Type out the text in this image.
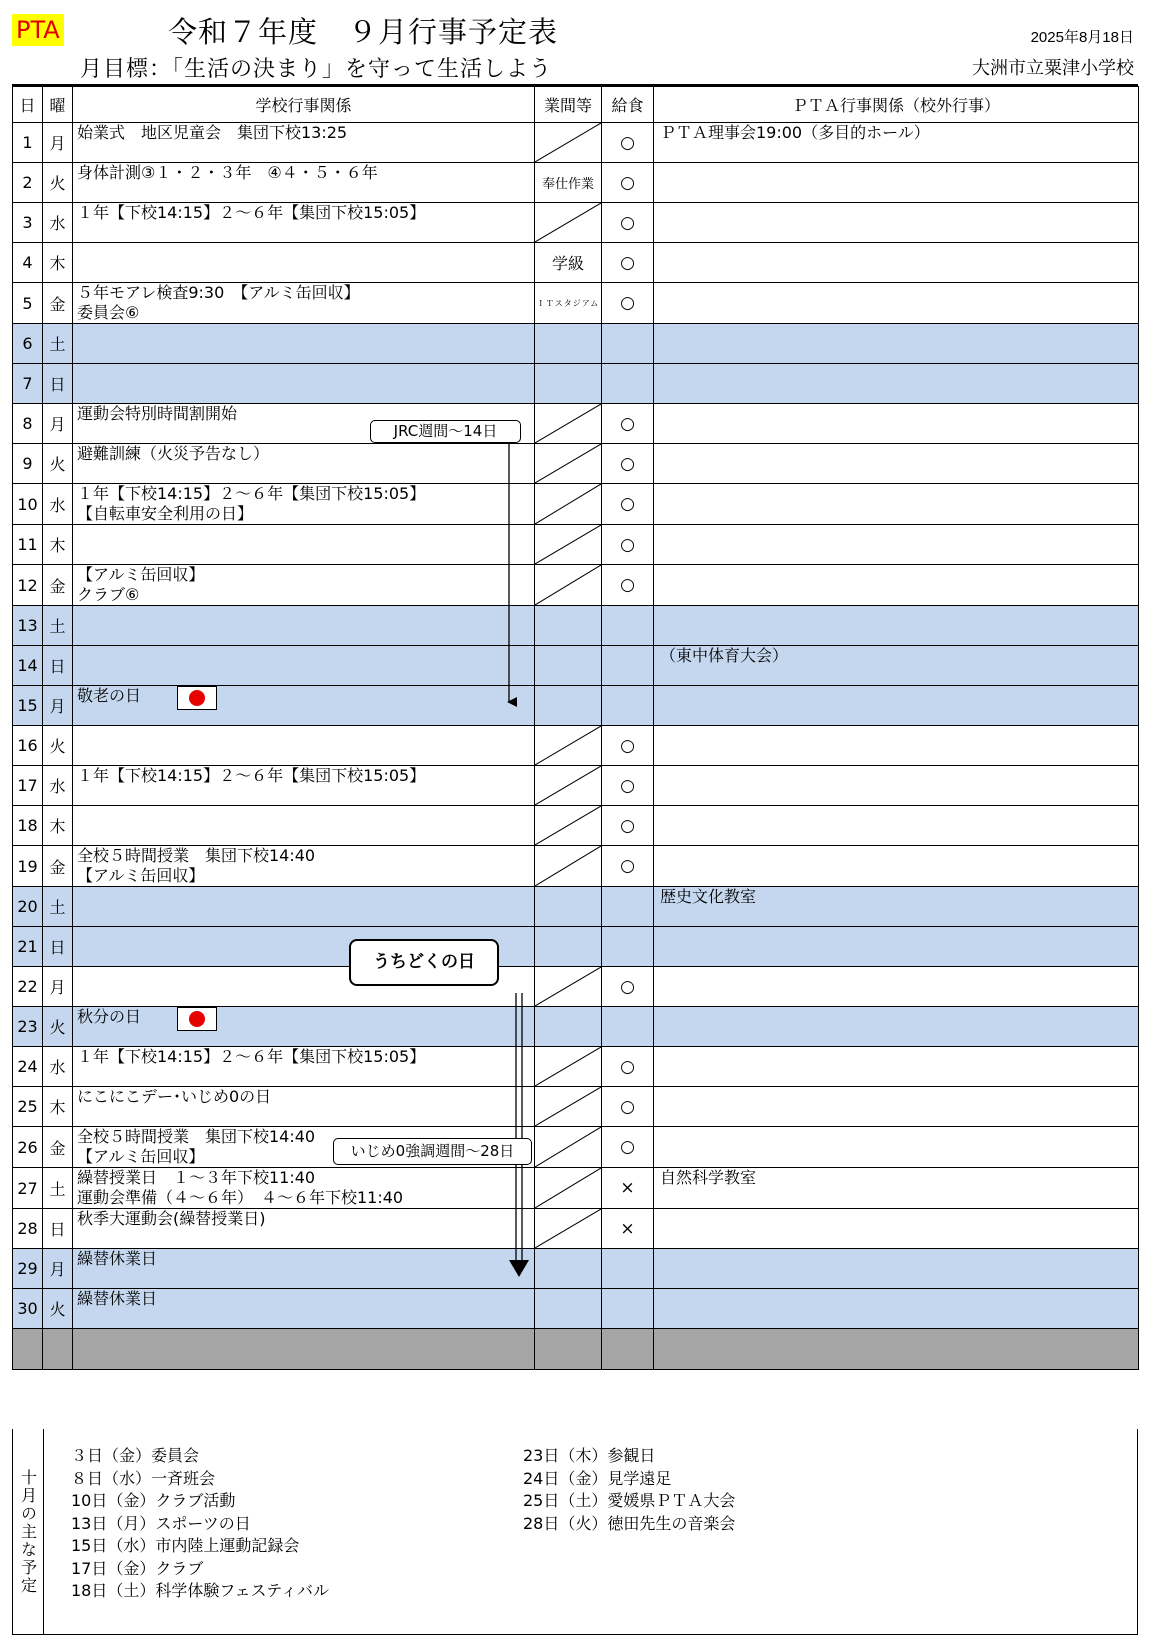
PTA	令和７年度　９月行事予定表	2025年8月18日
月目標：「生活の決まり」を守って生活しよう	大洲市立粟津小学校
日	曜	学校行事関係	業間等	給食	ＰＴＡ行事関係（校外行事）
1	月	始業式　地区児童会　集団下校13:25		○	ＰＴＡ理事会19:00（多目的ホール）
2	火	身体計測③１・２・３年　④４・５・６年	奉仕作業	○	
3	水	１年【下校14:15】２～６年【集団下校15:05】		○	
4	木		学級	○	
5	金	５年モアレ検査9:30　【アルミ缶回収】
委員会⑥	ＩＴスタジアム	○	
6	土	

7	日	

8	月	運動会特別時間割開始		○	
9	火	避難訓練（火災予告なし）		○	
10	水	１年【下校14:15】２～６年【集団下校15:05】
【自転車安全利用の日】		○	
11	木			○	
12	金	【アルミ缶回収】
クラブ⑥		○	
13	土	

14	日				（東中体育大会）
15	月	敬老の日			

16	火			○	
17	水	１年【下校14:15】２～６年【集団下校15:05】		○	
18	木			○	
19	金	全校５時間授業　集団下校14:40
【アルミ缶回収】		○	
20	土				歴史文化教室
21	日	

22	月			○	
23	火	秋分の日			

24	水	１年【下校14:15】２～６年【集団下校15:05】		○	
25	木	にこにこデー･いじめ0の日		○	
26	金	全校５時間授業　集団下校14:40
【アルミ缶回収】		○	
27	土	繰替授業日　１～３年下校11:40
運動会準備（４～６年）　４～６年下校11:40		×	自然科学教室
28	日	秋季大運動会(繰替授業日)		×	
29	月	繰替休業日			

30	火	繰替休業日			

十月の主な予定
３日（金）委員会
８日（水）一斉班会
10日（金）クラブ活動
13日（月）スポーツの日
15日（水）市内陸上運動記録会
17日（金）クラブ
18日（土）科学体験フェスティバル
23日（木）参観日
24日（金）見学遠足
25日（土）愛媛県ＰＴＡ大会
28日（火）徳田先生の音楽会
JRC週間～14日
うちどくの日
いじめ0強調週間～28日
